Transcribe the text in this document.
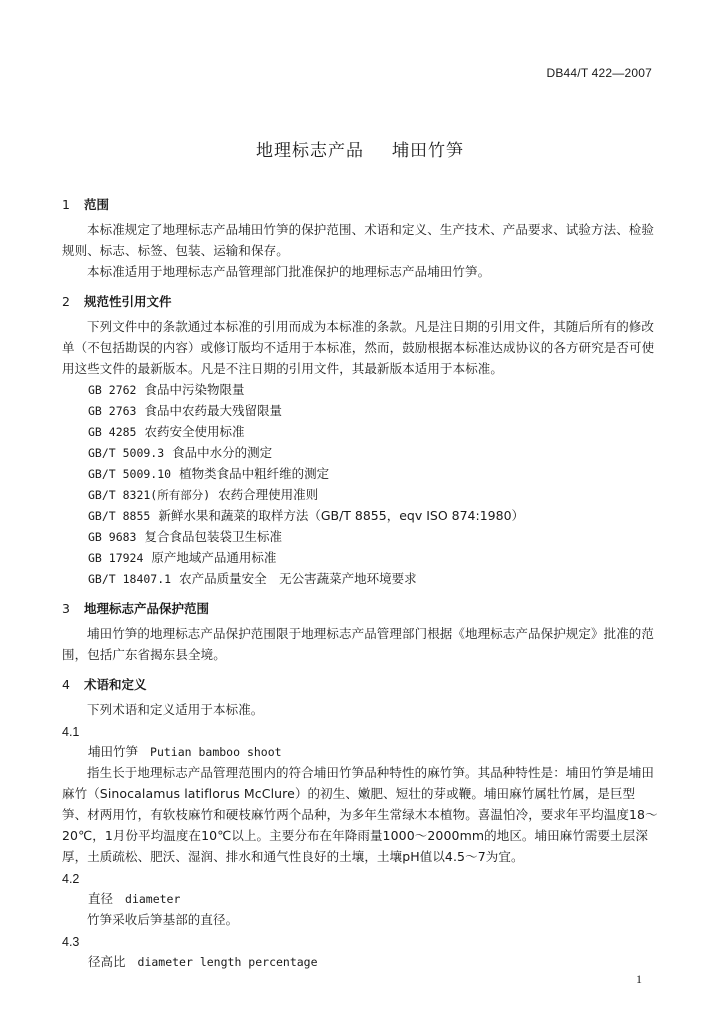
DB44/T 422—2007
地理标志产品 埔田竹笋
1 范围
本标准规定了地理标志产品埔田竹笋的保护范围、术语和定义、生产技术、产品要求、试验方法、检验规则、标志、标签、包装、运输和保存。
本标准适用于地理标志产品管理部门批准保护的地理标志产品埔田竹笋。
2 规范性引用文件
下列文件中的条款通过本标准的引用而成为本标准的条款。凡是注日期的引用文件，其随后所有的修改单（不包括勘误的内容）或修订版均不适用于本标准，然而，鼓励根据本标准达成协议的各方研究是否可使用这些文件的最新版本。凡是不注日期的引用文件，其最新版本适用于本标准。
GB 2762 食品中污染物限量
GB 2763 食品中农药最大残留限量
GB 4285 农药安全使用标准
GB/T 5009.3 食品中水分的测定
GB/T 5009.10 植物类食品中粗纤维的测定
GB/T 8321(所有部分) 农药合理使用准则
GB/T 8855 新鲜水果和蔬菜的取样方法（GB/T 8855，eqv ISO 874:1980）
GB 9683 复合食品包装袋卫生标准
GB 17924 原产地域产品通用标准
GB/T 18407.1 农产品质量安全　无公害蔬菜产地环境要求
3 地理标志产品保护范围
埔田竹笋的地理标志产品保护范围限于地理标志产品管理部门根据《地理标志产品保护规定》批准的范围，包括广东省揭东县全境。
4 术语和定义
下列术语和定义适用于本标准。
4.1
埔田竹笋 Putian bamboo shoot
指生长于地理标志产品管理范围内的符合埔田竹笋品种特性的麻竹笋。其品种特性是：埔田竹笋是埔田麻竹（Sinocalamus latiflorus McClure）的初生、嫩肥、短壮的芽或鞭。埔田麻竹属牡竹属，是巨型笋、材两用竹，有软枝麻竹和硬枝麻竹两个品种，为多年生常绿木本植物。喜温怕冷，要求年平均温度18～20℃，1月份平均温度在10℃以上。主要分布在年降雨量1000～2000mm的地区。埔田麻竹需要土层深厚，土质疏松、肥沃、湿润、排水和通气性良好的土壤，土壤pH值以4.5～7为宜。
4.2
直径 diameter
竹笋采收后笋基部的直径。
4.3
径高比 diameter length percentage
1
